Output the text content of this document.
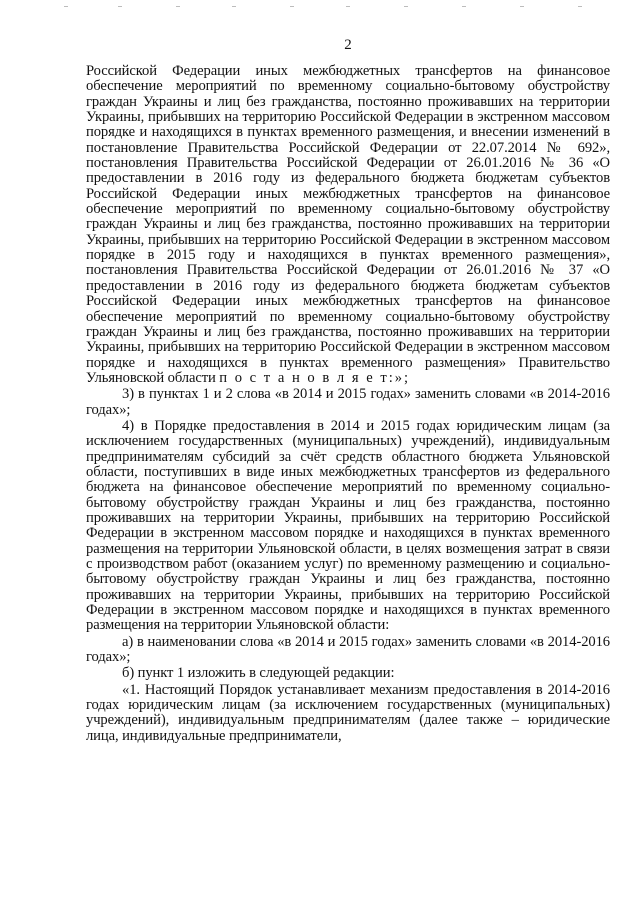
2

Российской Федерации иных межбюджетных трансфертов на финансовое обеспечение мероприятий по временному социально-бытовому обустройству граждан Украины и лиц без гражданства, постоянно проживавших на территории Украины, прибывших на территорию Российской Федерации в экстренном массовом порядке и находящихся в пунктах временного размещения, и внесении изменений в постановление Правительства Российской Федерации от 22.07.2014 № 692», постановления Правительства Российской Федерации от 26.01.2016 № 36 «О предоставлении в 2016 году из федерального бюджета бюджетам субъектов Российской Федерации иных межбюджетных трансфертов на финансовое обеспечение мероприятий по временному социально-бытовому обустройству граждан Украины и лиц без гражданства, постоянно проживавших на территории Украины, прибывших на территорию Российской Федерации в экстренном массовом порядке в 2015 году и находящихся в пунктах временного размещения», постановления Правительства Российской Федерации от 26.01.2016 № 37 «О предоставлении в 2016 году из федерального бюджета бюджетам субъектов Российской Федерации иных межбюджетных трансфертов на финансовое обеспечение мероприятий по временному социально-бытовому обустройству граждан Украины и лиц без гражданства, постоянно проживавших на территории Украины, прибывших на территорию Российской Федерации в экстренном массовом порядке и находящихся в пунктах временного размещения» Правительство Ульяновской области п о с т а н о в л я е т:»;

3) в пунктах 1 и 2 слова «в 2014 и 2015 годах» заменить словами «в 2014-2016 годах»;

4) в Порядке предоставления в 2014 и 2015 годах юридическим лицам (за исключением государственных (муниципальных) учреждений), индивидуальным предпринимателям субсидий за счёт средств областного бюджета Ульяновской области, поступивших в виде иных межбюджетных трансфертов из федерального бюджета на финансовое обеспечение мероприятий по временному социально-бытовому обустройству граждан Украины и лиц без гражданства, постоянно проживавших на территории Украины, прибывших на территорию Российской Федерации в экстренном массовом порядке и находящихся в пунктах временного размещения на территории Ульяновской области, в целях возмещения затрат в связи с производством работ (оказанием услуг) по временному размещению и социально-бытовому обустройству граждан Украины и лиц без гражданства, постоянно проживавших на территории Украины, прибывших на территорию Российской Федерации в экстренном массовом порядке и находящихся в пунктах временного размещения на территории Ульяновской области:

а) в наименовании слова «в 2014 и 2015 годах» заменить словами «в 2014-2016 годах»;

б) пункт 1 изложить в следующей редакции:

«1. Настоящий Порядок устанавливает механизм предоставления в 2014-2016 годах юридическим лицам (за исключением государственных (муниципальных) учреждений), индивидуальным предпринимателям (далее также – юридические лица, индивидуальные предприниматели,
